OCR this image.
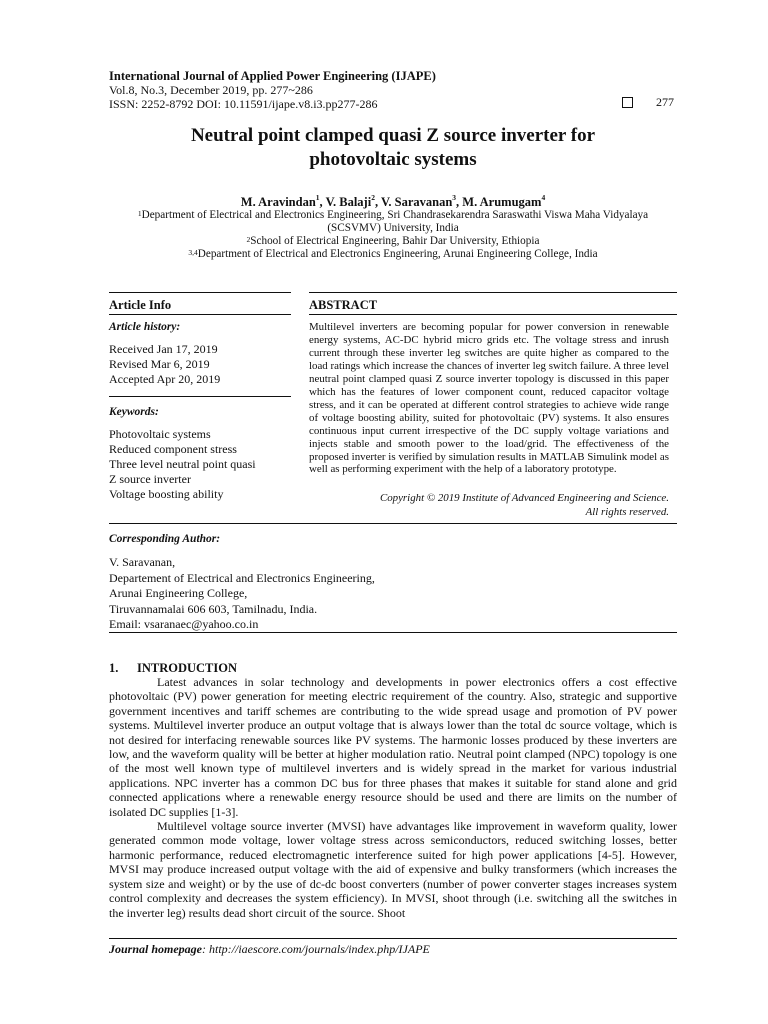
International Journal of Applied Power Engineering (IJAPE)
Vol.8, No.3, December 2019, pp. 277~286
ISSN: 2252-8792 DOI: 10.11591/ijape.v8.i3.pp277-286	277
Neutral point clamped quasi Z source inverter for
photovoltaic systems
M. Aravindan$^1$, V. Balaji$^2$, V. Saravanan$^3$, M. Arumugam$^4$
$^1$Department of Electrical and Electronics Engineering, Sri Chandrasekarendra Saraswathi Viswa Maha Vidyalaya
(SCSVMV) University, India
$^2$School of Electrical Engineering, Bahir Dar University, Ethiopia
$^{3,4}$Department of Electrical and Electronics Engineering, Arunai Engineering College, India
Article Info
Article history:
Received Jan 17, 2019
Revised Mar 6, 2019
Accepted Apr 20, 2019
Keywords:
Photovoltaic systems
Reduced component stress
Three level neutral point quasi
Z source inverter
Voltage boosting ability
ABSTRACT
Multilevel inverters are becoming popular for power conversion in renewable energy systems, AC-DC hybrid micro grids etc. The voltage stress and inrush current through these inverter leg switches are quite higher as compared to the load ratings which increase the chances of inverter leg switch failure. A three level neutral point clamped quasi Z source inverter topology is discussed in this paper which has the features of lower component count, reduced capacitor voltage stress, and it can be operated at different control strategies to achieve wide range of voltage boosting ability, suited for photovoltaic (PV) systems. It also ensures continuous input current irrespective of the DC supply voltage variations and injects stable and smooth power to the load/grid. The effectiveness of the proposed inverter is verified by simulation results in MATLAB Simulink model as well as performing experiment with the help of a laboratory prototype.
Copyright © 2019 Institute of Advanced Engineering and Science.
All rights reserved.
Corresponding Author:
V. Saravanan,
Departement of Electrical and Electronics Engineering,
Arunai Engineering College,
Tiruvannamalai 606 603, Tamilnadu, India.
Email: vsaranaec@yahoo.co.in
1. INTRODUCTION

Latest advances in solar technology and developments in power electronics offers a cost effective photovoltaic (PV) power generation for meeting electric requirement of the country. Also, strategic and supportive government incentives and tariff schemes are contributing to the wide spread usage and promotion of PV power systems. Multilevel inverter produce an output voltage that is always lower than the total dc source voltage, which is not desired for interfacing renewable sources like PV systems. The harmonic losses produced by these inverters are low, and the waveform quality will be better at higher modulation ratio. Neutral point clamped (NPC) topology is one of the most well known type of multilevel inverters and is widely spread in the market for various industrial applications. NPC inverter has a common DC bus for three phases that makes it suitable for stand alone and grid connected applications where a renewable energy resource should be used and there are limits on the number of isolated DC supplies [1-3].

Multilevel voltage source inverter (MVSI) have advantages like improvement in waveform quality, lower generated common mode voltage, lower voltage stress across semiconductors, reduced switching losses, better harmonic performance, reduced electromagnetic interference suited for high power applications [4-5]. However, MVSI may produce increased output voltage with the aid of expensive and bulky transformers (which increases the system size and weight) or by the use of dc-dc boost converters (number of power converter stages increases system control complexity and decreases the system efficiency). In MVSI, shoot through (i.e. switching all the switches in the inverter leg) results dead short circuit of the source. Shoot

Journal homepage: http://iaescore.com/journals/index.php/IJAPE
